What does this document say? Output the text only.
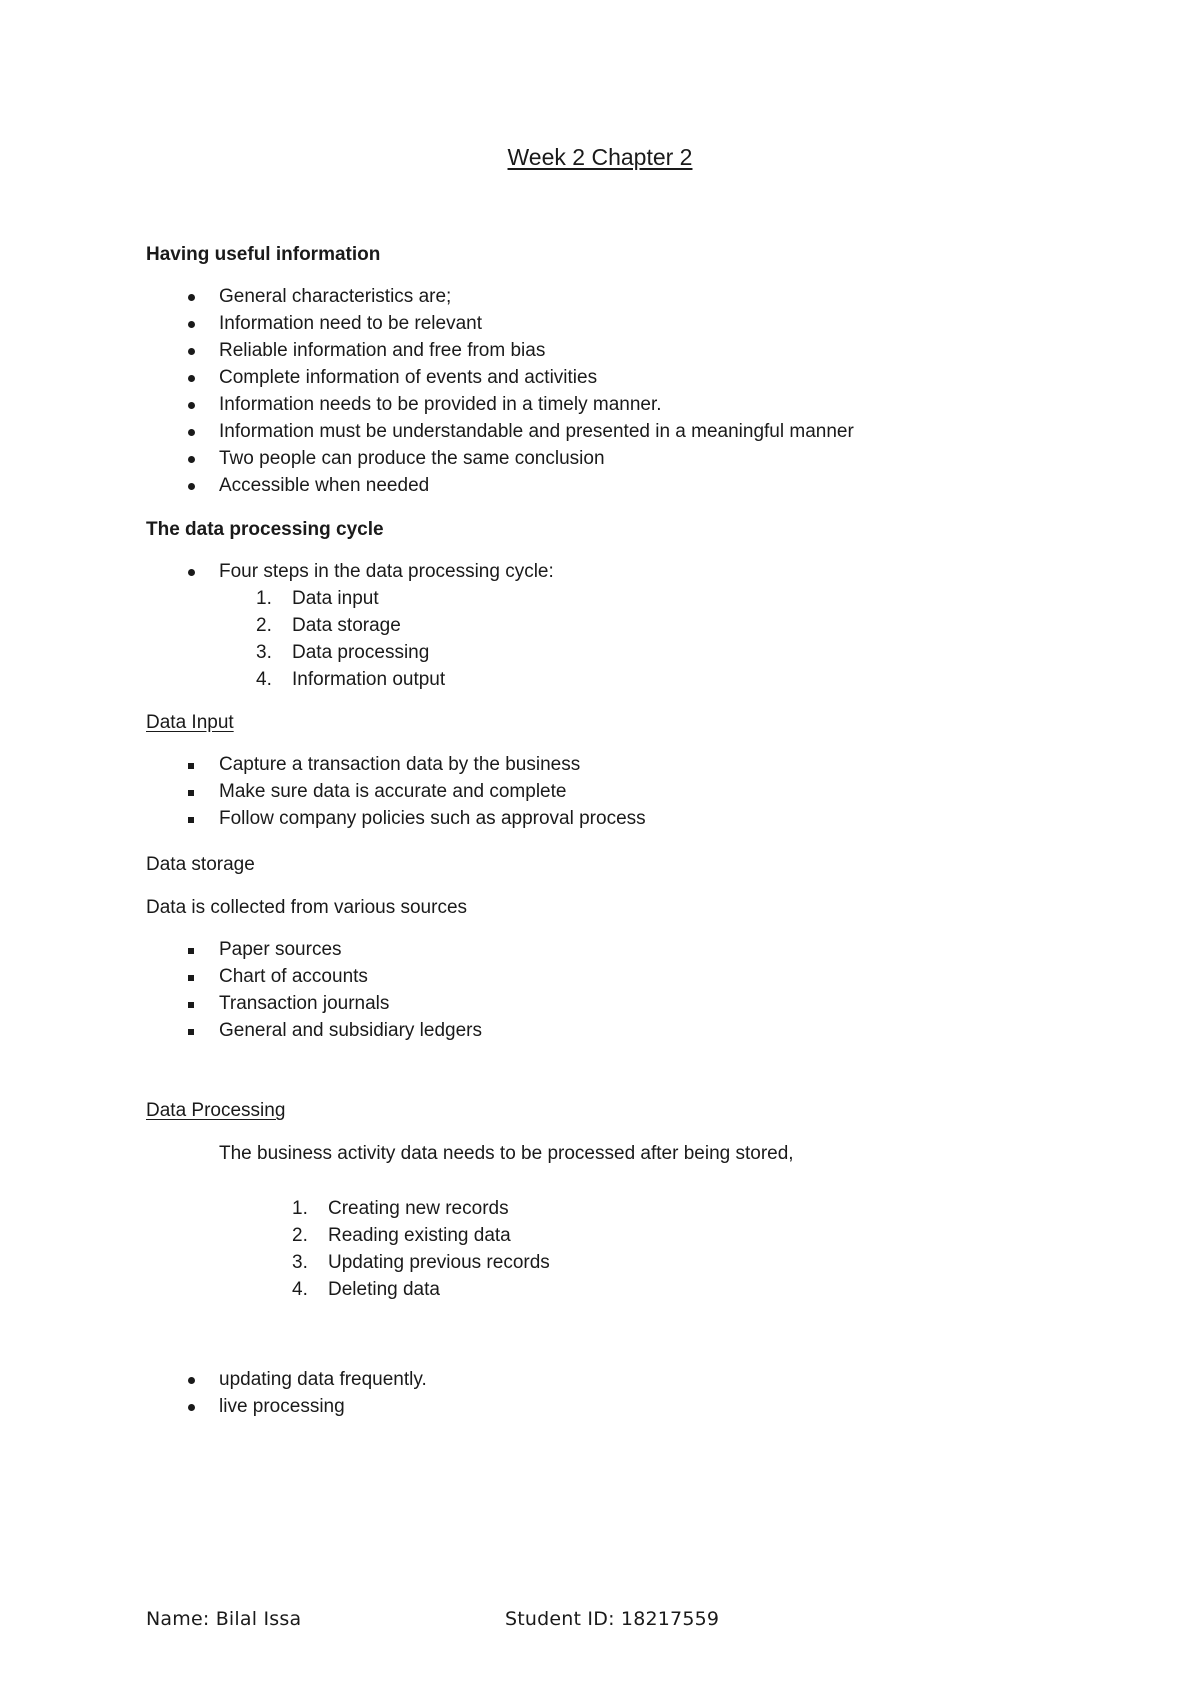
Week 2 Chapter 2
Having useful information
General characteristics are;
Information need to be relevant
Reliable information and free from bias
Complete information of events and activities
Information needs to be provided in a timely manner.
Information must be understandable and presented in a meaningful manner
Two people can produce the same conclusion
Accessible when needed
The data processing cycle
Four steps in the data processing cycle:
1.	Data input
2.	Data storage
3.	Data processing
4.	Information output

Data Input

Capture a transaction data by the business
Make sure data is accurate and complete
Follow company policies such as approval process

Data storage

Data is collected from various sources

Paper sources
Chart of accounts
Transaction journals
General and subsidiary ledgers

Data Processing

The business activity data needs to be processed after being stored,

1.	Creating new records
2.	Reading existing data
3.	Updating previous records
4.	Deleting data
updating data frequently.
live processing
Name: Bilal Issa	Student ID: 18217559
